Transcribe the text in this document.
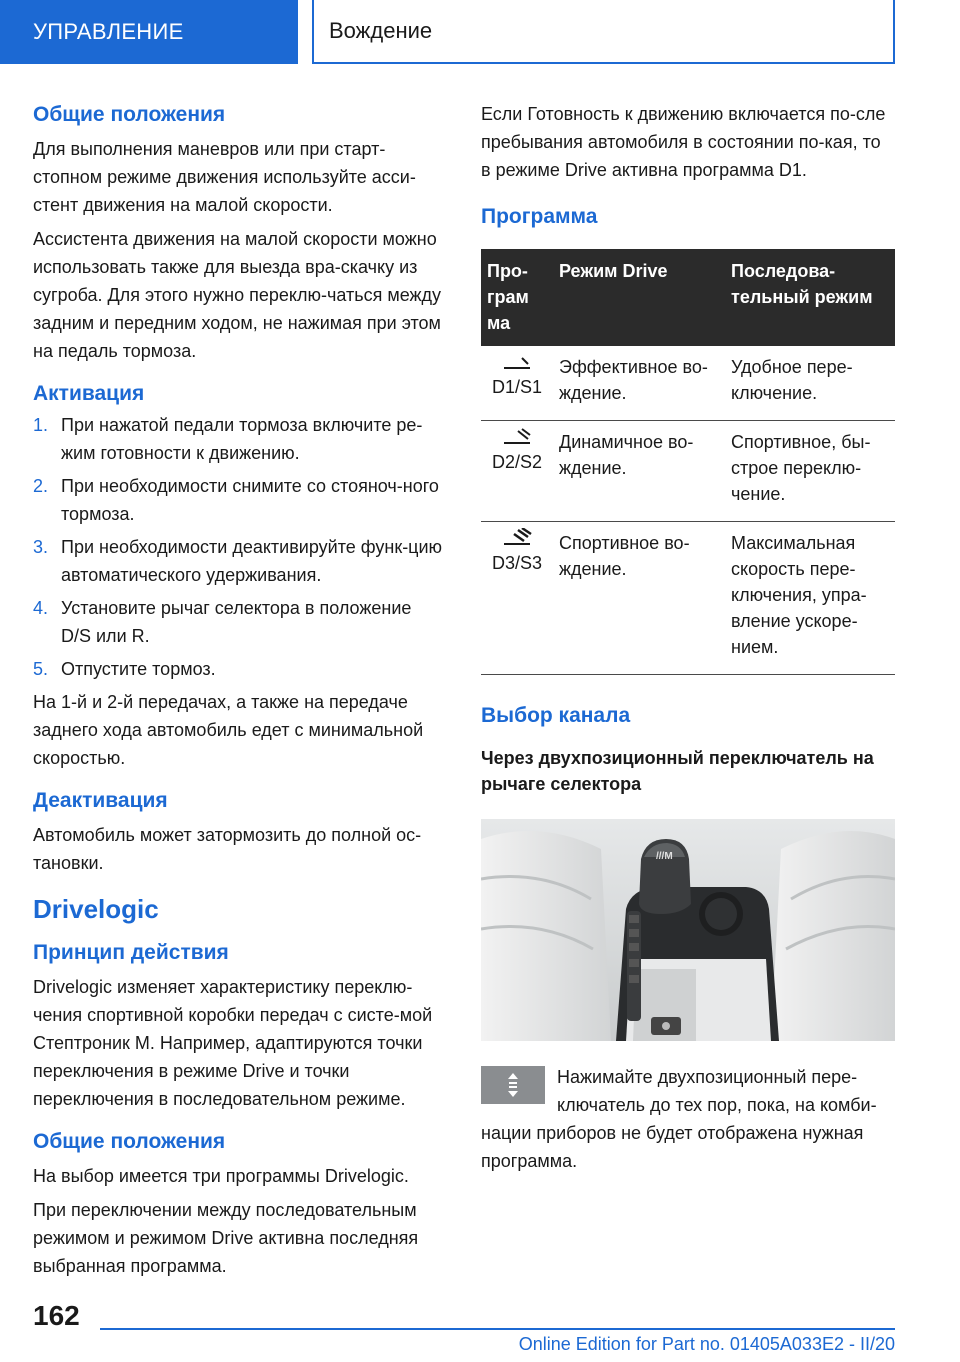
УПРАВЛЕНИЕ	Вождение
Общие положения

Для выполнения маневров или при старт-стопном режиме движения используйте асси-стент движения на малой скорости.

Ассистента движения на малой скорости можно использовать также для выезда вра-скачку из сугроба. Для этого нужно переклю-чаться между задним и передним ходом, не нажимая при этом на педаль тормоза.

Активация
1. При нажатой педали тормоза включите ре-жим готовности к движению.
2. При необходимости снимите со стояноч-ного тормоза.
3. При необходимости деактивируйте функ-цию автоматического удерживания.
4. Установите рычаг селектора в положение D/S или R.
5. Отпустите тормоз.

На 1-й и 2-й передачах, а также на передаче заднего хода автомобиль едет с минимальной скоростью.

Деактивация

Автомобиль может затормозить до полной ос-тановки.

Drivelogic
Принцип действия

Drivelogic изменяет характеристику переклю-чения спортивной коробки передач с систе-мой Стептроник M. Например, адаптируются точки переключения в режиме Drive и точки переключения в последовательном режиме.

Общие положения

На выбор имеется три программы Drivelogic.

При переключении между последовательным режимом и режимом Drive активна последняя выбранная программа.

Если Готовность к движению включается по-сле пребывания автомобиля в состоянии по-кая, то в режиме Drive активна программа D1.

Программа
Про-грам ма	Режим Drive	Последова-тельный режим

D1/S1	Эффективное во-ждение.	Удобное пере-ключение.

D2/S2	Динамичное во-ждение.	Спортивное, бы-строе переклю-чение.

D3/S3	Спортивное во-ждение.	Максимальная скорость пере-ключения, упра-вление ускоре-нием.
Выбор канала
Через двухпозиционный переключатель на рычаге селектора
///M

Нажимайте двухпозиционный пере-ключатель до тех пор, пока, на комби-нации приборов не будет отображена нужная программа.

162
Online Edition for Part no. 01405A033E2 - II/20
